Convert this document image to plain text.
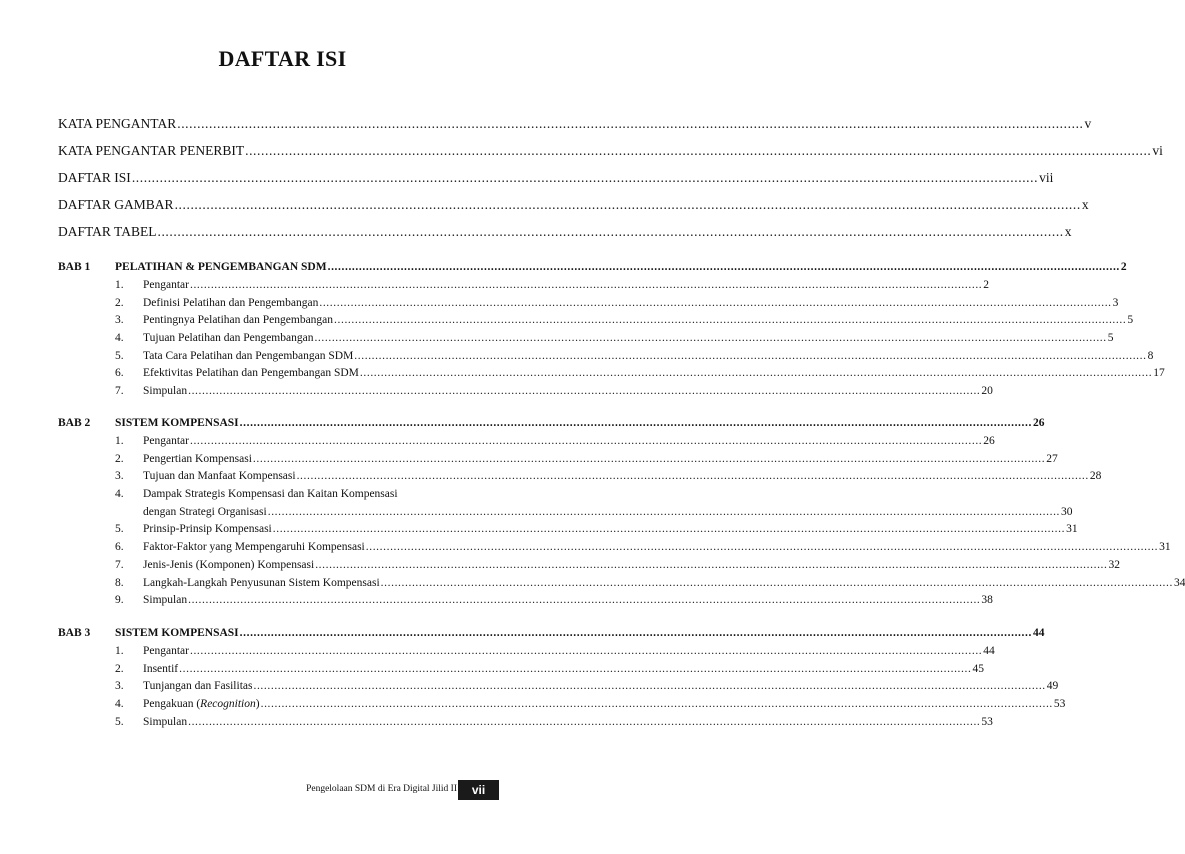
DAFTAR ISI
KATA PENGANTAR .....	v
KATA PENGANTAR PENERBIT .....	vi
DAFTAR ISI .....	vii
DAFTAR GAMBAR .....	x
DAFTAR TABEL .....	x
BAB 1	PELATIHAN & PENGEMBANGAN SDM .....	2
1.	Pengantar .....	2
2.	Definisi Pelatihan dan Pengembangan .....	3
3.	Pentingnya Pelatihan dan Pengembangan .....	5
4.	Tujuan Pelatihan dan Pengembangan .....	5
5.	Tata Cara Pelatihan dan Pengembangan SDM .....	8
6.	Efektivitas Pelatihan dan Pengembangan SDM .....	17
7.	Simpulan .....	20
BAB 2	SISTEM KOMPENSASI .....	26
1.	Pengantar .....	26
2.	Pengertian Kompensasi .....	27
3.	Tujuan dan Manfaat Kompensasi .....	28
4.	Dampak Strategis Kompensasi dan Kaitan Kompensasi
dengan Strategi Organisasi .....	30
5.	Prinsip-Prinsip Kompensasi .....	31
6.	Faktor-Faktor yang Mempengaruhi Kompensasi .....	31
7.	Jenis-Jenis (Komponen) Kompensasi .....	32
8.	Langkah-Langkah Penyusunan Sistem Kompensasi .....	34
9.	Simpulan .....	38
BAB 3	SISTEM KOMPENSASI .....	44
1.	Pengantar .....	44
2.	Insentif .....	45
3.	Tunjangan dan Fasilitas .....	49
4.	Pengakuan (Recognition) .....	53
5.	Simpulan .....	53
Pengelolaan SDM di Era Digital Jilid II	vii
